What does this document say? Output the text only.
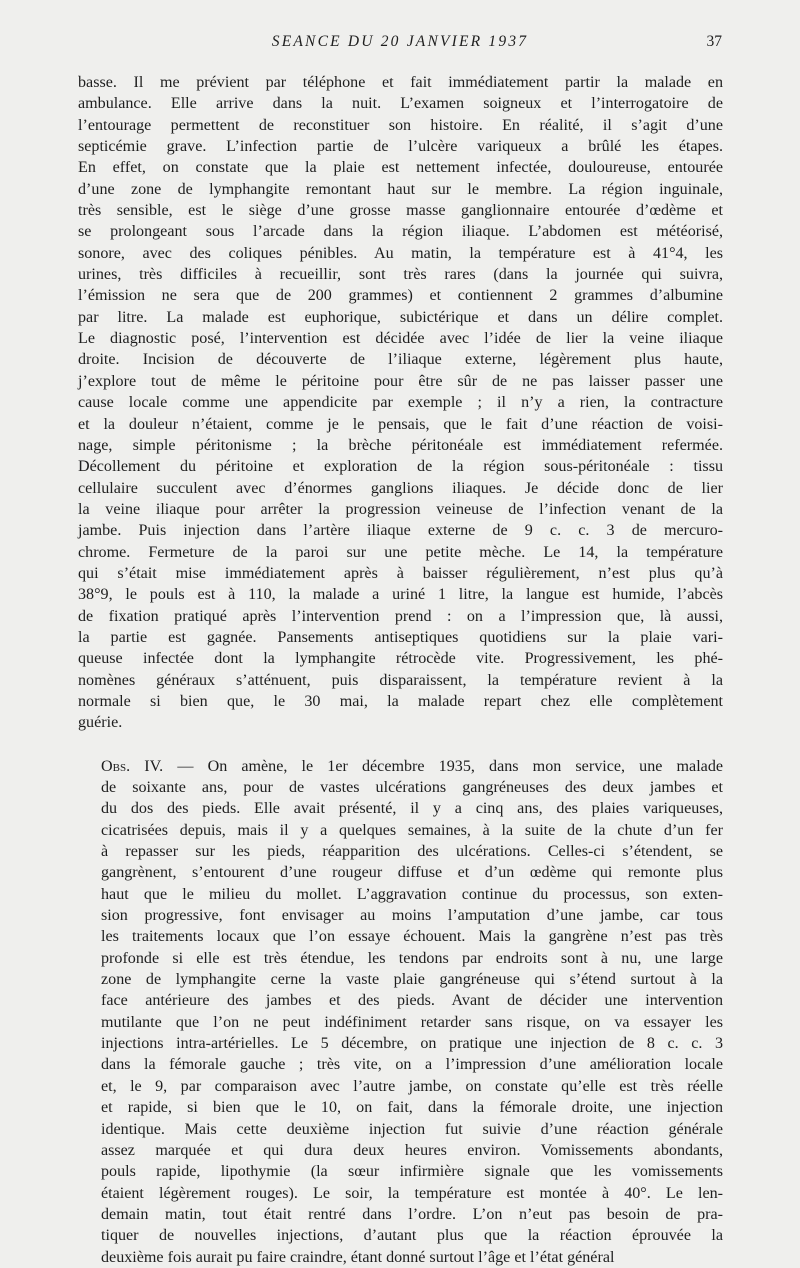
SEANCE DU 20 JANVIER 1937	37

basse. Il me prévient par téléphone et fait immédiatement partir la malade en
ambulance. Elle arrive dans la nuit. L’examen soigneux et l’interrogatoire de
l’entourage permettent de reconstituer son histoire. En réalité, il s’agit d’une
septicémie grave. L’infection partie de l’ulcère variqueux a brûlé les étapes.
En effet, on constate que la plaie est nettement infectée, douloureuse, entourée
d’une zone de lymphangite remontant haut sur le membre. La région inguinale,
très sensible, est le siège d’une grosse masse ganglionnaire entourée d’œdème et
se prolongeant sous l’arcade dans la région iliaque. L’abdomen est météorisé,
sonore, avec des coliques pénibles. Au matin, la température est à 41°4, les
urines, très difficiles à recueillir, sont très rares (dans la journée qui suivra,
l’émission ne sera que de 200 grammes) et contiennent 2 grammes d’albumine
par litre. La malade est euphorique, subictérique et dans un délire complet.
Le diagnostic posé, l’intervention est décidée avec l’idée de lier la veine iliaque
droite. Incision de découverte de l’iliaque externe, légèrement plus haute,
j’explore tout de même le péritoine pour être sûr de ne pas laisser passer une
cause locale comme une appendicite par exemple ; il n’y a rien, la contracture
et la douleur n’étaient, comme je le pensais, que le fait d’une réaction de voisi-
nage, simple péritonisme ; la brèche péritonéale est immédiatement refermée.
Décollement du péritoine et exploration de la région sous-péritonéale : tissu
cellulaire succulent avec d’énormes ganglions iliaques. Je décide donc de lier
la veine iliaque pour arrêter la progression veineuse de l’infection venant de la
jambe. Puis injection dans l’artère iliaque externe de 9 c. c. 3 de mercuro-
chrome. Fermeture de la paroi sur une petite mèche. Le 14, la température
qui s’était mise immédiatement après à baisser régulièrement, n’est plus qu’à
38°9, le pouls est à 110, la malade a uriné 1 litre, la langue est humide, l’abcès
de fixation pratiqué après l’intervention prend : on a l’impression que, là aussi,
la partie est gagnée. Pansements antiseptiques quotidiens sur la plaie vari-
queuse infectée dont la lymphangite rétrocède vite. Progressivement, les phé-
nomènes généraux s’atténuent, puis disparaissent, la température revient à la
normale si bien que, le 30 mai, la malade repart chez elle complètement
guérie.

Obs. IV. — On amène, le 1er décembre 1935, dans mon service, une malade
de soixante ans, pour de vastes ulcérations gangréneuses des deux jambes et
du dos des pieds. Elle avait présenté, il y a cinq ans, des plaies variqueuses,
cicatrisées depuis, mais il y a quelques semaines, à la suite de la chute d’un fer
à repasser sur les pieds, réapparition des ulcérations. Celles-ci s’étendent, se
gangrènent, s’entourent d’une rougeur diffuse et d’un œdème qui remonte plus
haut que le milieu du mollet. L’aggravation continue du processus, son exten-
sion progressive, font envisager au moins l’amputation d’une jambe, car tous
les traitements locaux que l’on essaye échouent. Mais la gangrène n’est pas très
profonde si elle est très étendue, les tendons par endroits sont à nu, une large
zone de lymphangite cerne la vaste plaie gangréneuse qui s’étend surtout à la
face antérieure des jambes et des pieds. Avant de décider une intervention
mutilante que l’on ne peut indéfiniment retarder sans risque, on va essayer les
injections intra-artérielles. Le 5 décembre, on pratique une injection de 8 c. c. 3
dans la fémorale gauche ; très vite, on a l’impression d’une amélioration locale
et, le 9, par comparaison avec l’autre jambe, on constate qu’elle est très réelle
et rapide, si bien que le 10, on fait, dans la fémorale droite, une injection
identique. Mais cette deuxième injection fut suivie d’une réaction générale
assez marquée et qui dura deux heures environ. Vomissements abondants,
pouls rapide, lipothymie (la sœur infirmière signale que les vomissements
étaient légèrement rouges). Le soir, la température est montée à 40°. Le len-
demain matin, tout était rentré dans l’ordre. L’on n’eut pas besoin de pra-
tiquer de nouvelles injections, d’autant plus que la réaction éprouvée la
deuxième fois aurait pu faire craindre, étant donné surtout l’âge et l’état général
